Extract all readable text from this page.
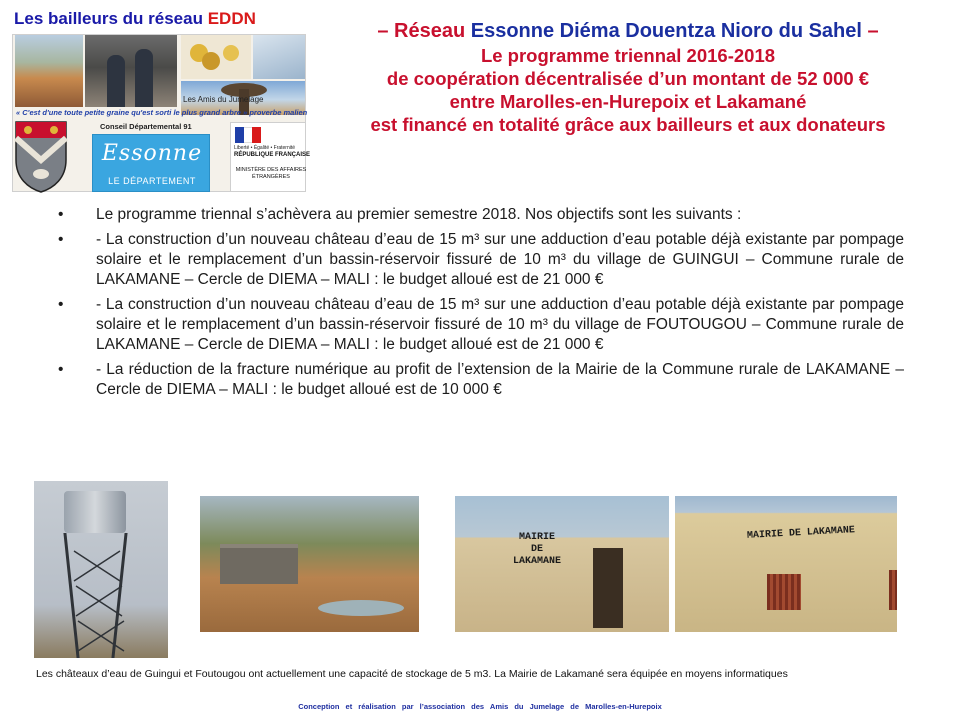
Les bailleurs du réseau EDDN
Les Amis du Jumelage
« C'est d'une toute petite graine qu'est sorti le plus grand arbre » proverbe malien
Conseil Départemental 91
Essonne
LE DÉPARTEMENT
Liberté • Égalité • Fraternité
RÉPUBLIQUE FRANÇAISE
MINISTÈRE DES AFFAIRES ÉTRANGÈRES
– Réseau Essonne Diéma Douentza Nioro du Sahel –
Le programme triennal 2016-2018
de coopération décentralisée d’un montant de 52 000 €
entre Marolles-en-Hurepoix et Lakamané
est financé en totalité grâce aux bailleurs et aux donateurs
• Le programme triennal s’achèvera au premier semestre 2018. Nos objectifs sont les suivants :
• - La construction d’un nouveau château d’eau de 15 m³ sur une adduction d’eau potable déjà existante par pompage solaire et le remplacement d’un bassin-réservoir fissuré de 10 m³ du village de GUINGUI – Commune rurale de LAKAMANE – Cercle de DIEMA – MALI : le budget alloué est de 21 000 €
• - La construction d’un nouveau château d’eau de 15 m³ sur une adduction d’eau potable déjà existante par pompage solaire et le remplacement d’un bassin-réservoir fissuré de 10 m³ du village de FOUTOUGOU – Commune rurale de LAKAMANE – Cercle de DIEMA – MALI : le budget alloué est de 21 000 €
• - La réduction de la fracture numérique au profit de l’extension de la Mairie de la Commune rurale de LAKAMANE – Cercle de DIEMA – MALI : le budget alloué est de 10 000 €
MAIRIE
DE
LAKAMANE
MAIRIE DE LAKAMANE
Les châteaux d’eau de Guingui et Foutougou ont actuellement une capacité de stockage de 5 m3. La Mairie de Lakamané sera équipée en moyens informatiques
Conception et réalisation par l’association des Amis du Jumelage de Marolles-en-Hurepoix
